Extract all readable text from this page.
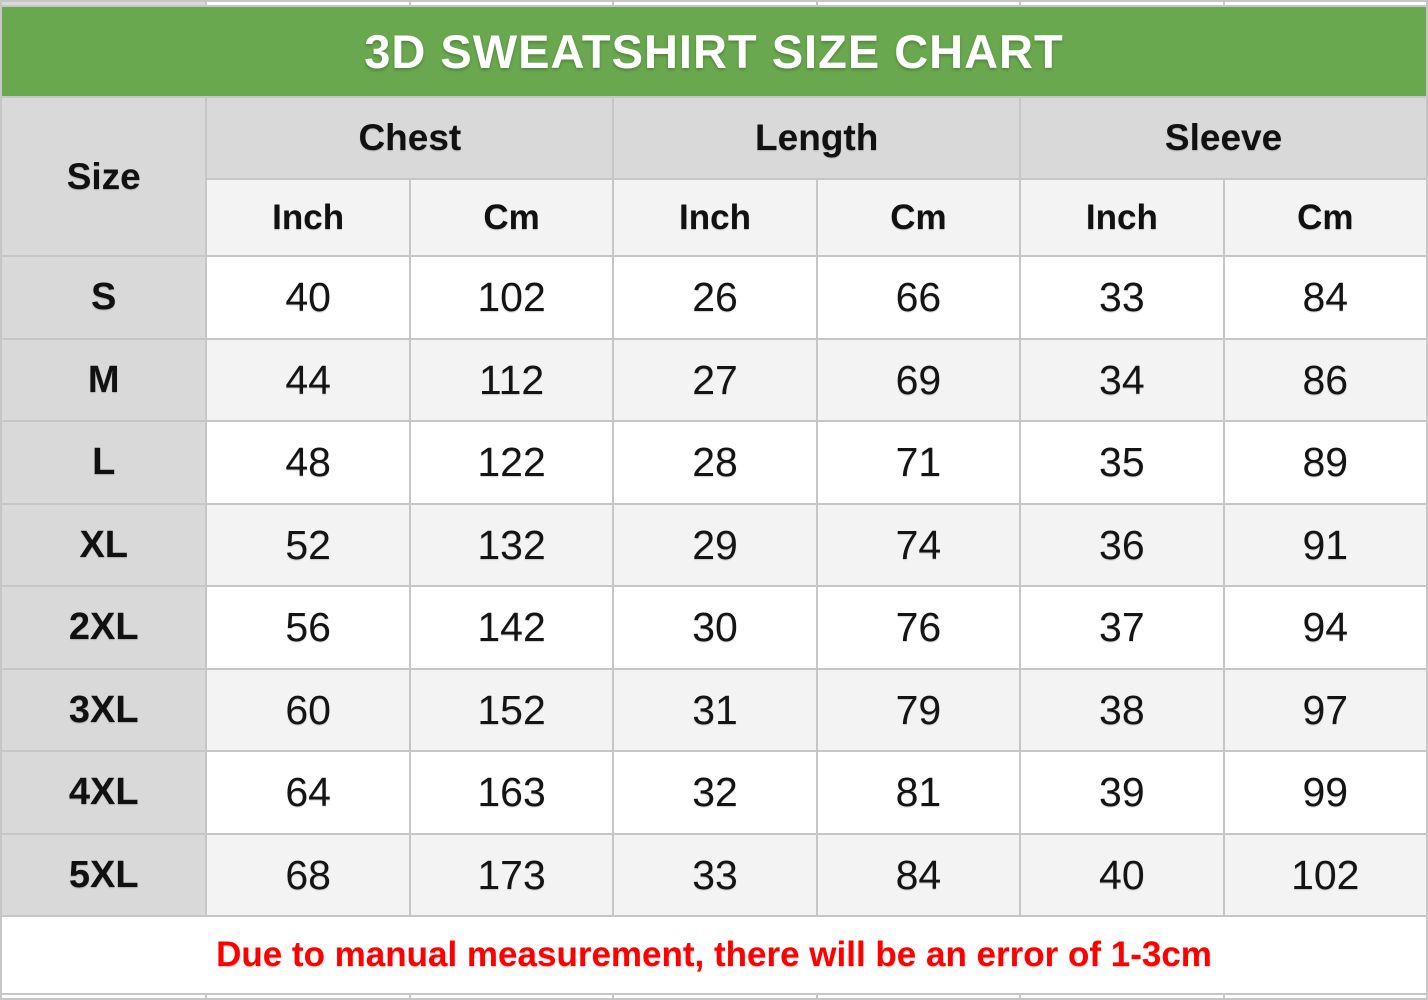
3D SWEATSHIRT SIZE CHART
Size
Chest	Length	Sleeve
Inch	Cm	Inch	Cm	Inch	Cm
S	40	102	26	66	33	84
M	44	112	27	69	34	86
L	48	122	28	71	35	89
XL	52	132	29	74	36	91
2XL	56	142	30	76	37	94
3XL	60	152	31	79	38	97
4XL	64	163	32	81	39	99
5XL	68	173	33	84	40	102
Due to manual measurement, there will be an error of 1-3cm
